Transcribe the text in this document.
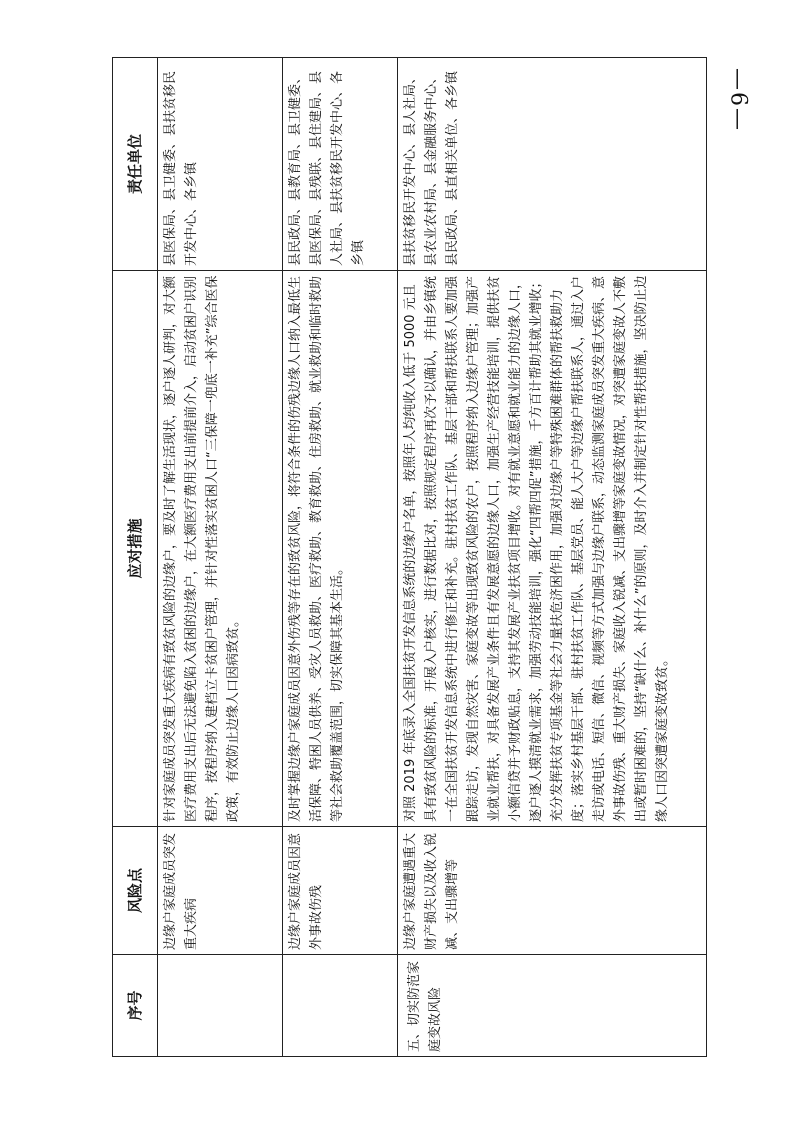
—6—
序号	风险点	应对措施	责任单位
	边缘户家庭成员突发重大疾病	针对家庭成员突发重大疾病有致贫风险的边缘户，要及时了解生活现状，逐户逐人研判，对大额医疗费用支出后无法避免陷入贫困的边缘户，在大额医疗费用支出前提前介入，启动贫困户识别程序，按程序纳入建档立卡贫困户管理，并针对性落实贫困人口“三保障一兜底一补充”综合医保政策，有效防止边缘人口因病致贫。	县医保局、县卫健委、县扶贫移民开发中心、各乡镇
	边缘户家庭成员因意外事故伤残	及时掌握边缘户家庭成员因意外伤残等存在的致贫风险，将符合条件的伤残边缘人口纳入最低生活保障、特困人员供养、受灾人员救助、医疗救助、教育救助、住房救助、就业救助和临时救助等社会救助覆盖范围，切实保障其基本生活。	县民政局、县教育局、县卫健委、县医保局、县残联、县住建局、县人社局、县扶贫移民开发中心、各乡镇
五、切实防范家庭变故风险	边缘户家庭遭遇重大财产损失以及收入锐减、支出骤增等	对照 2019 年底录入全国扶贫开发信息系统的边缘户名单，按照年人均纯收入低于 5000 元且具有致贫风险的标准，开展入户核实，进行数据比对，按照规定程序再次予以确认，并由乡镇统一在全国扶贫开发信息系统中进行修正和补充。驻村扶贫工作队、基层干部和帮扶联系人要加强跟踪走访，发现自然灾害、家庭变故等出现致贫风险的农户，按照程序纳入边缘户管理；加强产业就业帮扶，对具备发展产业条件且有发展意愿的边缘人口，加强生产经营技能培训，提供扶贫小额信贷并予财政贴息，支持其发展产业扶贫项目增收。对有就业意愿和就业能力的边缘人口，逐户逐人摸清就业需求，加强劳动技能培训，强化“四帮四促”措施，千方百计帮助其就业增收；充分发挥扶贫专项基金等社会力量扶危济困作用，加强对边缘户等特殊困难群体的帮扶救助力度；落实乡村基层干部、驻村扶贫工作队、基层党员、能人大户等边缘户帮扶联系人，通过入户走访或电话、短信、微信、视频等方式加强与边缘户联系，动态监测家庭成员突发重大疾病、意外事故伤残、重大财产损失、家庭收入锐减、支出骤增等家庭变故情况，对突遭家庭变故人不敷出或暂时困难的，坚持“缺什么、补什么”的原则，及时介入并制定针对性帮扶措施，坚决防止边缘人口因突遭家庭变故致贫。	县扶贫移民开发中心、县人社局、县农业农村局、县金融服务中心、县民政局、县直相关单位、各乡镇
